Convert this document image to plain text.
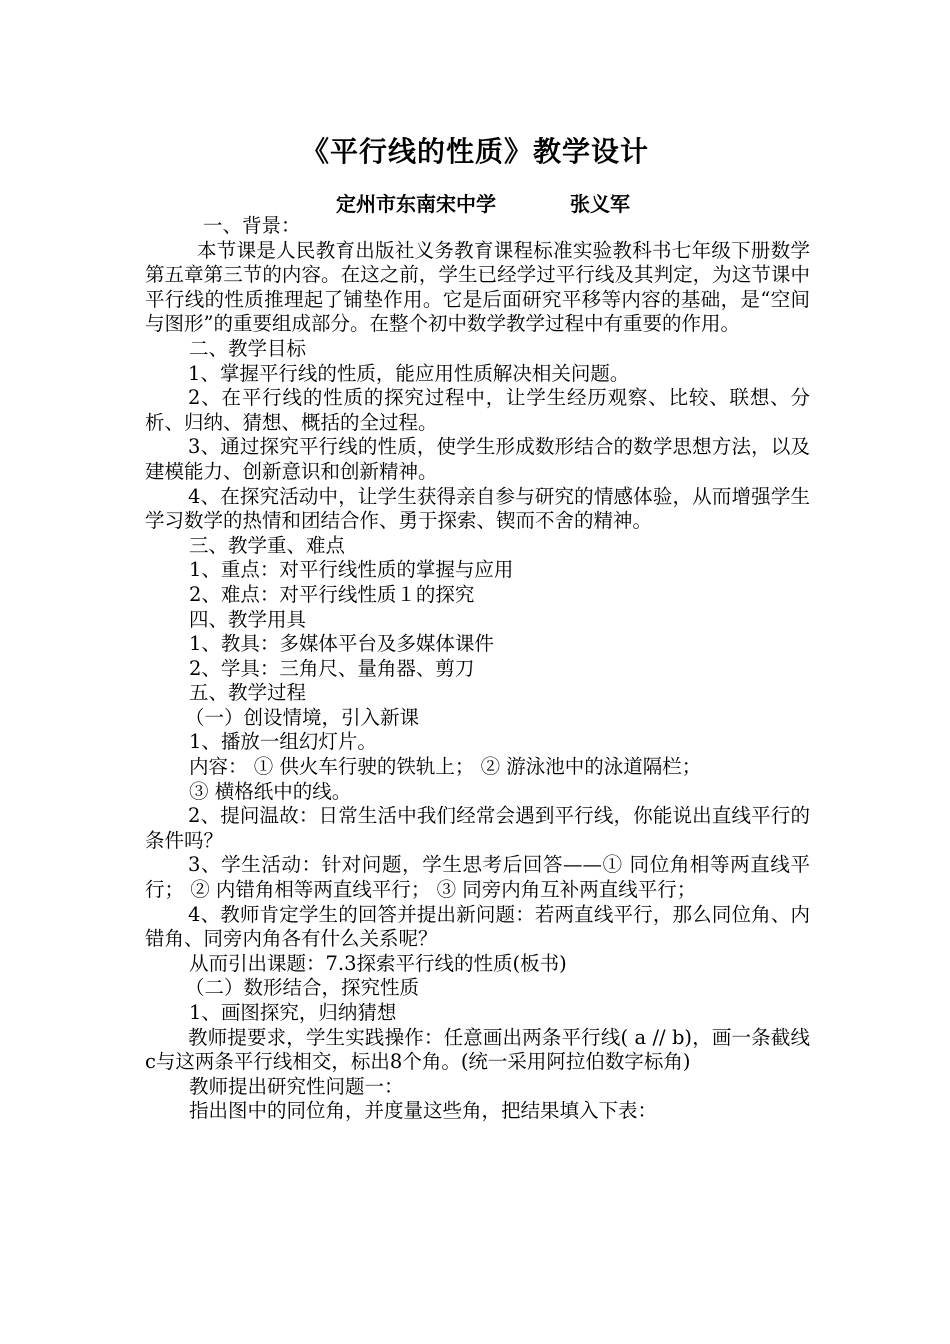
《平行线的性质》教学设计
定州市东南宋中学	张义军

一、背景：

本节课是人民教育出版社义务教育课程标准实验教科书七年级下册数学第五章第三节的内容。在这之前，学生已经学过平行线及其判定，为这节课中平行线的性质推理起了铺垫作用。它是后面研究平移等内容的基础，是“空间与图形”的重要组成部分。在整个初中数学教学过程中有重要的作用。

二、教学目标

1、掌握平行线的性质，能应用性质解决相关问题。

2、在平行线的性质的探究过程中，让学生经历观察、比较、联想、分析、归纳、猜想、概括的全过程。

3、通过探究平行线的性质，使学生形成数形结合的数学思想方法，以及建模能力、创新意识和创新精神。

4、在探究活动中，让学生获得亲自参与研究的情感体验，从而增强学生学习数学的热情和团结合作、勇于探索、锲而不舍的精神。

三、教学重、难点

1、重点：对平行线性质的掌握与应用

2、难点：对平行线性质１的探究

四、教学用具

1、教具：多媒体平台及多媒体课件

2、学具：三角尺、量角器、剪刀

五、教学过程

（一）创设情境，引入新课

1、播放一组幻灯片。

内容： ① 供火车行驶的铁轨上； ② 游泳池中的泳道隔栏；

③ 横格纸中的线。

2、提问温故：日常生活中我们经常会遇到平行线，你能说出直线平行的条件吗？

3、学生活动：针对问题，学生思考后回答——① 同位角相等两直线平行； ② 内错角相等两直线平行； ③ 同旁内角互补两直线平行；

4、教师肯定学生的回答并提出新问题：若两直线平行，那么同位角、内错角、同旁内角各有什么关系呢？

从而引出课题：7.3探索平行线的性质(板书)

（二）数形结合，探究性质

1、画图探究，归纳猜想

教师提要求，学生实践操作：任意画出两条平行线( a // b)，画一条截线c与这两条平行线相交，标出8个角。(统一采用阿拉伯数字标角)

教师提出研究性问题一：

指出图中的同位角，并度量这些角，把结果填入下表：
